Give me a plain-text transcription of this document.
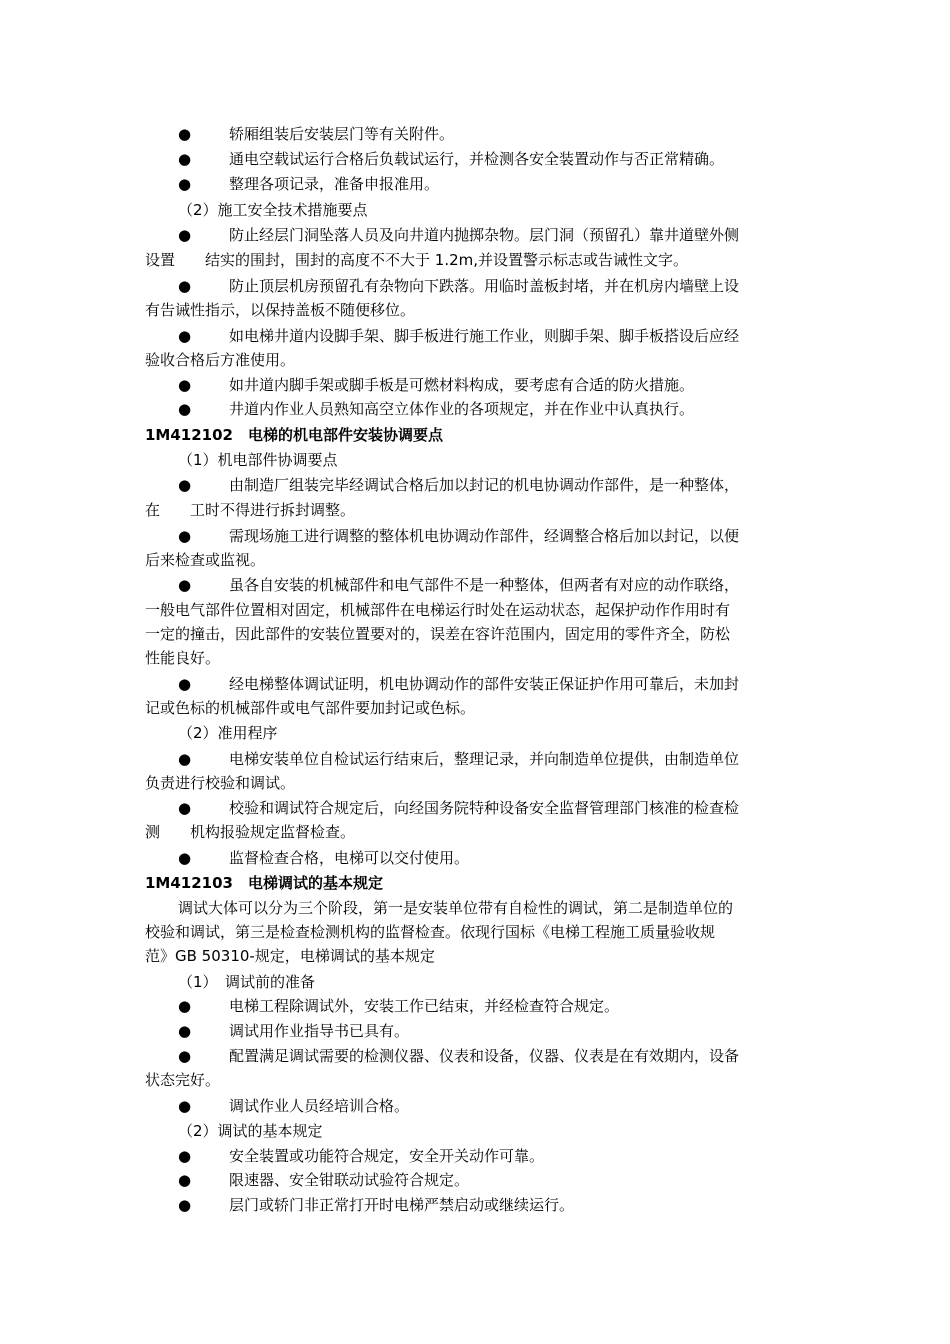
●	轿厢组装后安装层门等有关附件。
●	通电空载试运行合格后负载试运行，并检测各安全装置动作与否正常精确。
●	整理各项记录，准备申报准用。
（2）施工安全技术措施要点
●	防止经层门洞坠落人员及向井道内抛掷杂物。层门洞（预留孔）靠井道壁外侧
设置　　结实的围封，围封的高度不不大于 1.2m,并设置警示标志或告诫性文字。
●	防止顶层机房预留孔有杂物向下跌落。用临时盖板封堵，并在机房内墙壁上设
有告诫性指示，以保持盖板不随便移位。
●	如电梯井道内设脚手架、脚手板进行施工作业，则脚手架、脚手板搭设后应经
验收合格后方准使用。
●	如井道内脚手架或脚手板是可燃材料构成，要考虑有合适的防火措施。
●	井道内作业人员熟知高空立体作业的各项规定，并在作业中认真执行。
1M412102　电梯的机电部件安装协调要点
（1）机电部件协调要点
●	由制造厂组装完毕经调试合格后加以封记的机电协调动作部件，是一种整体，
在　　工时不得进行拆封调整。
●	需现场施工进行调整的整体机电协调动作部件，经调整合格后加以封记，以便
后来检查或监视。
●	虽各自安装的机械部件和电气部件不是一种整体，但两者有对应的动作联络，
一般电气部件位置相对固定，机械部件在电梯运行时处在运动状态，起保护动作作用时有
一定的撞击，因此部件的安装位置要对的，误差在容许范围内，固定用的零件齐全，防松
性能良好。
●	经电梯整体调试证明，机电协调动作的部件安装正保证护作用可靠后，未加封
记或色标的机械部件或电气部件要加封记或色标。
（2）准用程序
●	电梯安装单位自检试运行结束后，整理记录，并向制造单位提供，由制造单位
负责进行校验和调试。
●	校验和调试符合规定后，向经国务院特种设备安全监督管理部门核准的检查检
测　　机构报验规定监督检查。
●	监督检查合格，电梯可以交付使用。
1M412103　电梯调试的基本规定
调试大体可以分为三个阶段，第一是安装单位带有自检性的调试，第二是制造单位的
校验和调试，第三是检查检测机构的监督检查。依现行国标《电梯工程施工质量验收规
范》GB 50310-规定，电梯调试的基本规定
（1）　调试前的准备
●	电梯工程除调试外，安装工作已结束，并经检查符合规定。
●	调试用作业指导书已具有。
●	配置满足调试需要的检测仪器、仪表和设备，仪器、仪表是在有效期内，设备
状态完好。
●	调试作业人员经培训合格。
（2）调试的基本规定
●	安全装置或功能符合规定，安全开关动作可靠。
●	限速器、安全钳联动试验符合规定。
●	层门或轿门非正常打开时电梯严禁启动或继续运行。
